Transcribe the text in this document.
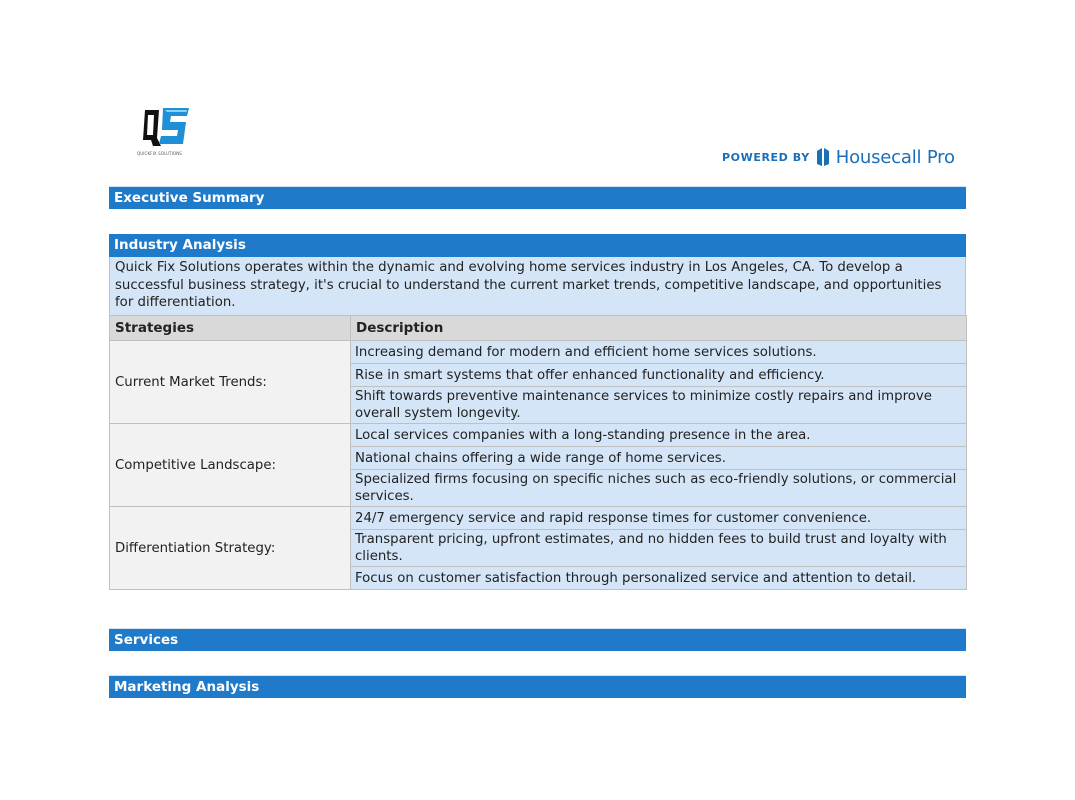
QUICKFIX SOLUTIONS	POWERED BY Housecall Pro
Executive Summary
Industry Analysis
Quick Fix Solutions operates within the dynamic and evolving home services industry in Los Angeles, CA. To develop a successful business strategy, it's crucial to understand the current market trends, competitive landscape, and opportunities for differentiation.
Strategies	Description
Current Market Trends:	Increasing demand for modern and efficient home services solutions.
	Rise in smart systems that offer enhanced functionality and efficiency.
	Shift towards preventive maintenance services to minimize costly repairs and improve overall system longevity.
Competitive Landscape:	Local services companies with a long-standing presence in the area.
	National chains offering a wide range of home services.
	Specialized firms focusing on specific niches such as eco-friendly solutions, or commercial services.
Differentiation Strategy:	24/7 emergency service and rapid response times for customer convenience.
	Transparent pricing, upfront estimates, and no hidden fees to build trust and loyalty with clients.
	Focus on customer satisfaction through personalized service and attention to detail.
Services
Marketing Analysis
